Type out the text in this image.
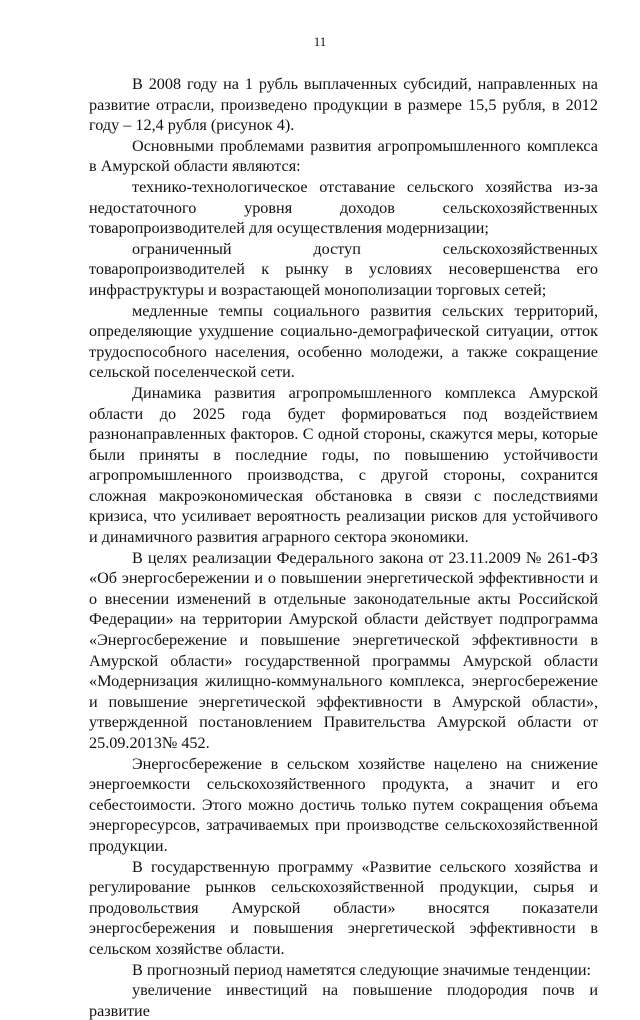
11

В 2008 году на 1 рубль выплаченных субсидий, направленных на развитие отрасли, произведено продукции в размере 15,5 рубля, в 2012 году – 12,4 рубля (рисунок 4).

Основными проблемами развития агропромышленного комплекса в Амурской области являются:

технико-технологическое отставание сельского хозяйства из-за недостаточного уровня доходов сельскохозяйственных товаропроизводителей для осуществления модернизации;

ограниченный доступ сельскохозяйственных товаропроизводителей к рынку в условиях несовершенства его инфраструктуры и возрастающей монополизации торговых сетей;

медленные темпы социального развития сельских территорий, определяющие ухудшение социально-демографической ситуации, отток трудоспособного населения, особенно молодежи, а также сокращение сельской поселенческой сети.

Динамика развития агропромышленного комплекса Амурской области до 2025 года будет формироваться под воздействием разнонаправленных факторов. С одной стороны, скажутся меры, которые были приняты в последние годы, по повышению устойчивости агропромышленного производства, с другой стороны, сохранится сложная макроэкономическая обстановка в связи с последствиями кризиса, что усиливает вероятность реализации рисков для устойчивого и динамичного развития аграрного сектора экономики.

В целях реализации Федерального закона от 23.11.2009 № 261-ФЗ «Об энергосбережении и о повышении энергетической эффективности и о внесении изменений в отдельные законодательные акты Российской Федерации» на территории Амурской области действует подпрограмма «Энергосбережение и повышение энергетической эффективности в Амурской области» государственной программы Амурской области «Модернизация жилищно-коммунального комплекса, энергосбережение и повышение энергетической эффективности в Амурской области», утвержденной постановлением Правительства Амурской области от 25.09.2013№ 452.

Энергосбережение в сельском хозяйстве нацелено на снижение энергоемкости сельскохозяйственного продукта, а значит и его себестоимости. Этого можно достичь только путем сокращения объема энергоресурсов, затрачиваемых при производстве сельскохозяйственной продукции.

В государственную программу «Развитие сельского хозяйства и регулирование рынков сельскохозяйственной продукции, сырья и продовольствия Амурской области» вносятся показатели энергосбережения и повышения энергетической эффективности в сельском хозяйстве области.

В прогнозный период наметятся следующие значимые тенденции:

увеличение инвестиций на повышение плодородия почв и развитие
